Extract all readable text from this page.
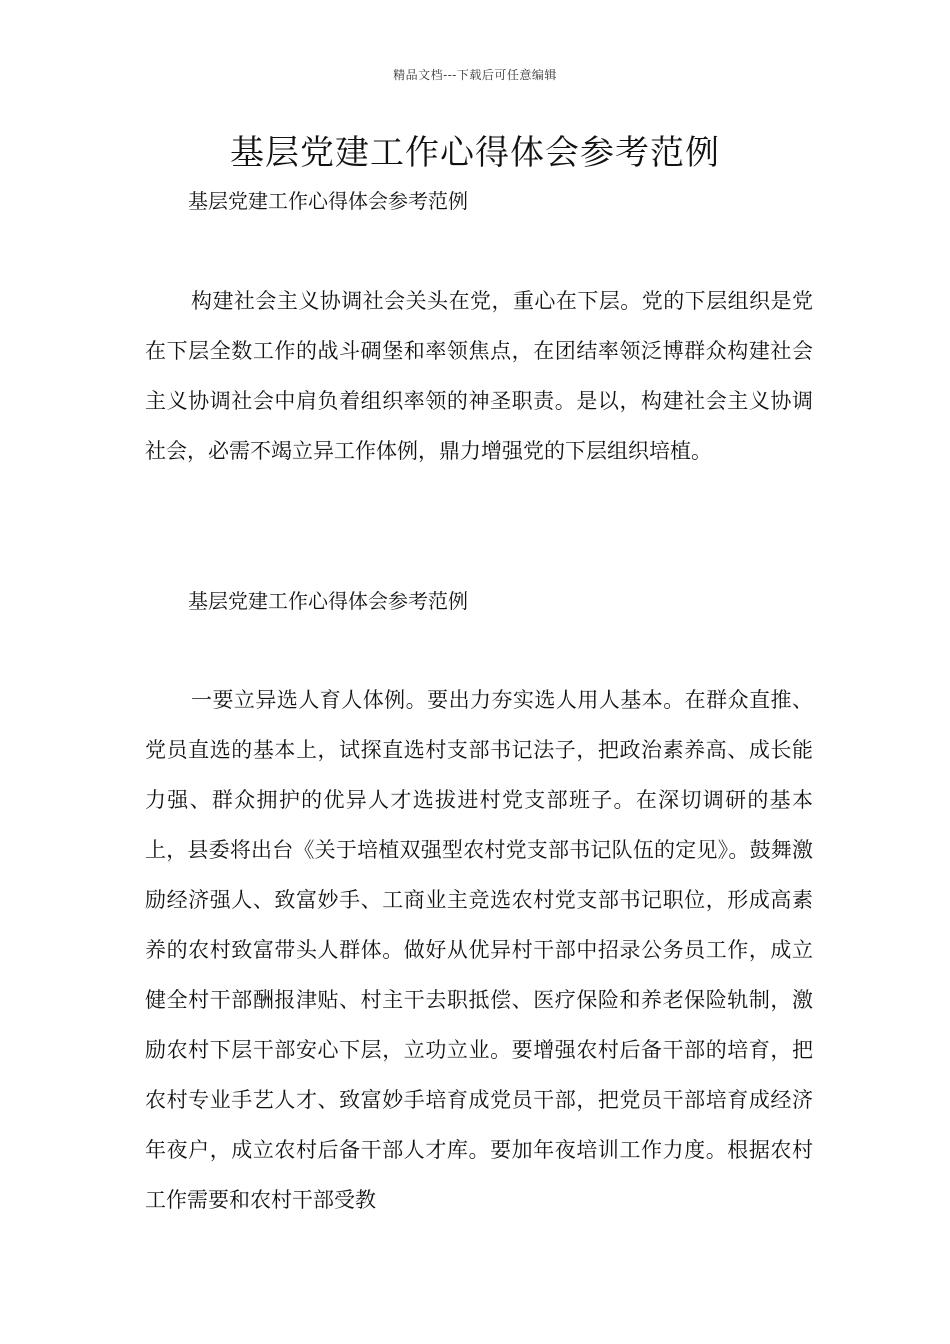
精品文档---下载后可任意编辑
基层党建工作心得体会参考范例

基层党建工作心得体会参考范例

构建社会主义协调社会关头在党，重心在下层。党的下层组织是党在下层全数工作的战斗碉堡和率领焦点，在团结率领泛博群众构建社会主义协调社会中肩负着组织率领的神圣职责。是以，构建社会主义协调社会，必需不竭立异工作体例，鼎力增强党的下层组织培植。

基层党建工作心得体会参考范例

一要立异选人育人体例。要出力夯实选人用人基本。在群众直推、党员直选的基本上，试探直选村支部书记法子，把政治素养高、成长能力强、群众拥护的优异人才选拔进村党支部班子。在深切调研的基本上，县委将出台《关于培植双强型农村党支部书记队伍的定见》。鼓舞激励经济强人、致富妙手、工商业主竞选农村党支部书记职位，形成高素养的农村致富带头人群体。做好从优异村干部中招录公务员工作，成立健全村干部酬报津贴、村主干去职抵偿、医疗保险和养老保险轨制，激励农村下层干部安心下层，立功立业。要增强农村后备干部的培育，把农村专业手艺人才、致富妙手培育成党员干部，把党员干部培育成经济年夜户，成立农村后备干部人才库。要加年夜培训工作力度。根据农村工作需要和农村干部受教
